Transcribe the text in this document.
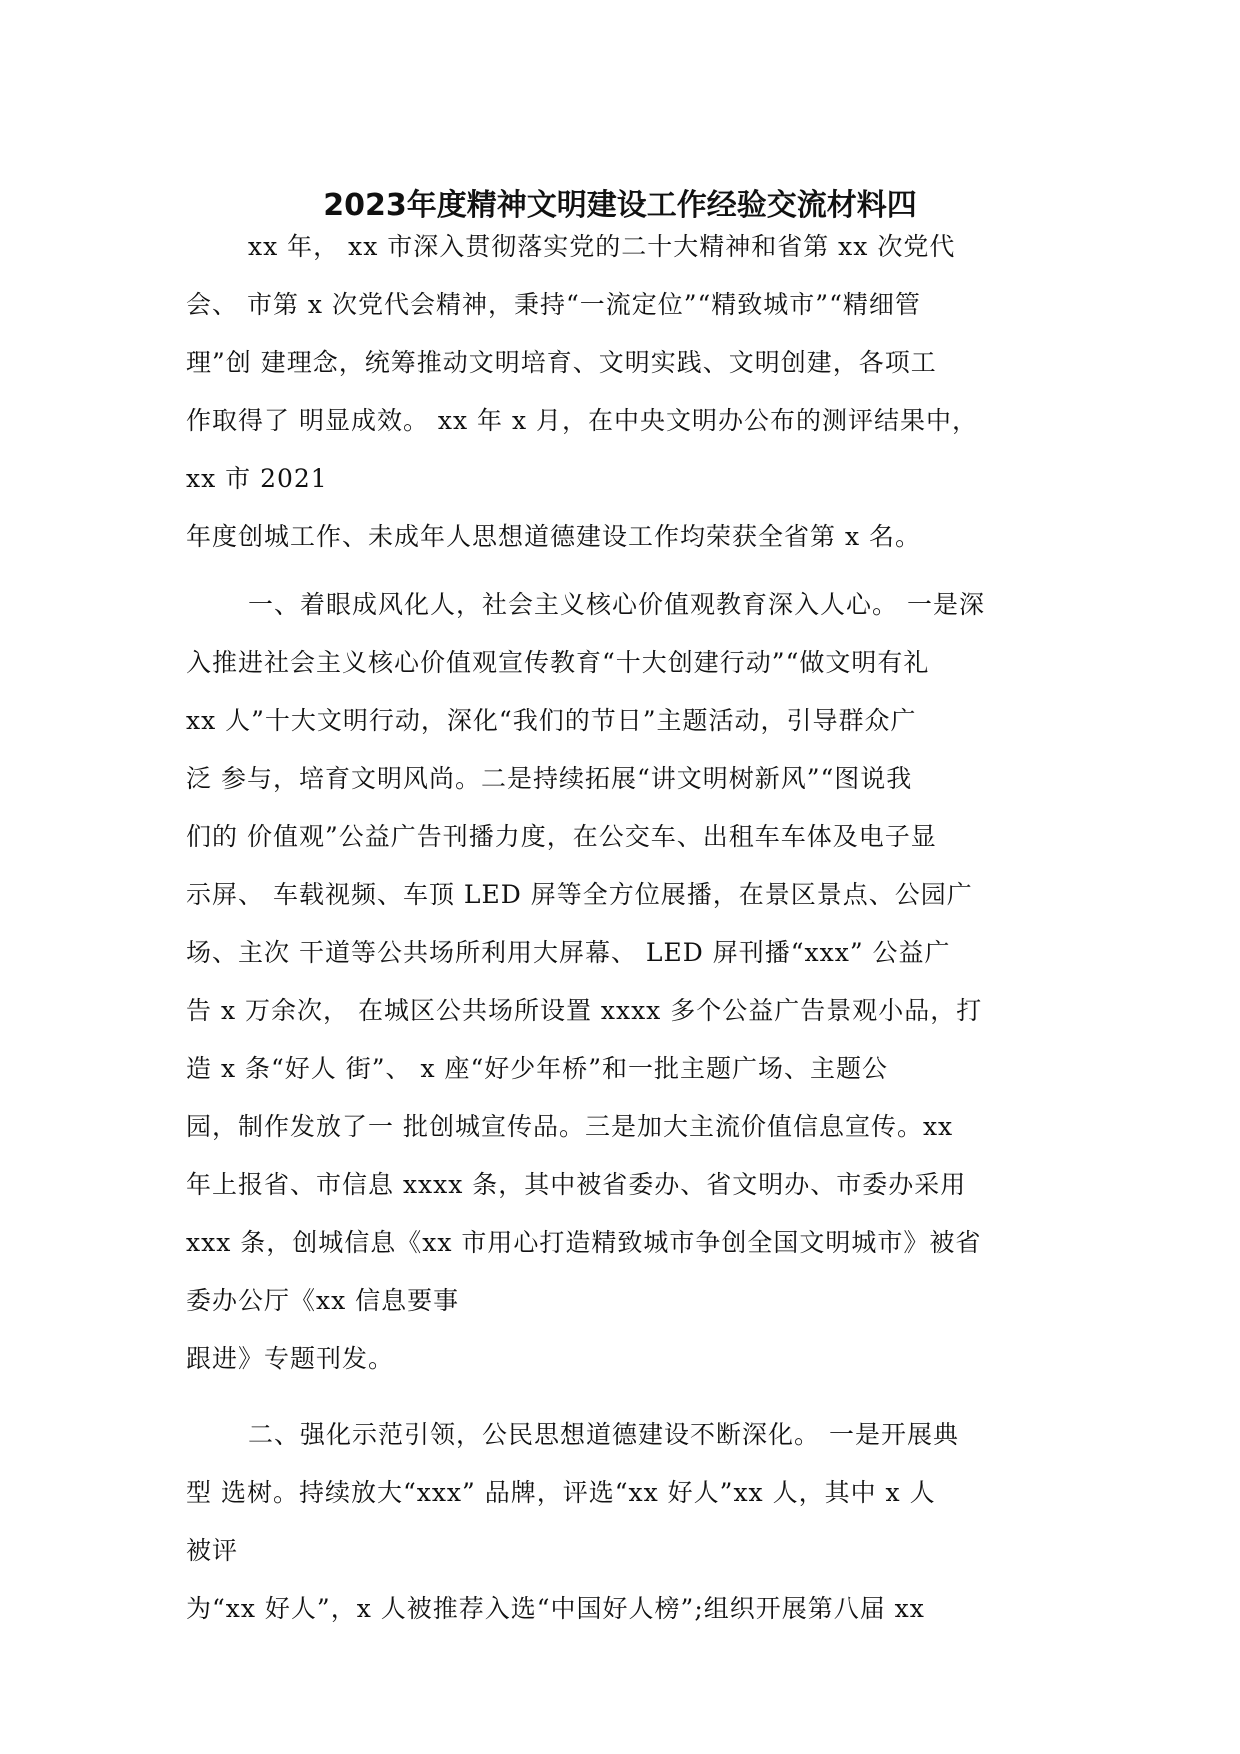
2023年度精神文明建设工作经验交流材料四
xx 年， xx 市深入贯彻落实党的二十大精神和省第 xx 次党代
会、 市第 x 次党代会精神，秉持“一流定位”“精致城市”“精细管
理”创 建理念，统筹推动文明培育、文明实践、文明创建，各项工
作取得了 明显成效。 xx 年 x 月，在中央文明办公布的测评结果中，
xx 市 2021
年度创城工作、未成年人思想道德建设工作均荣获全省第 x 名。
一、着眼成风化人，社会主义核心价值观教育深入人心。 一是深
入推进社会主义核心价值观宣传教育“十大创建行动”“做文明有礼
xx 人”十大文明行动，深化“我们的节日”主题活动，引导群众广
泛 参与，培育文明风尚。二是持续拓展“讲文明树新风”“图说我
们的 价值观”公益广告刊播力度，在公交车、出租车车体及电子显
示屏、 车载视频、车顶 LED 屏等全方位展播，在景区景点、公园广
场、主次 干道等公共场所利用大屏幕、 LED 屏刊播“xxx” 公益广
告 x 万余次， 在城区公共场所设置 xxxx 多个公益广告景观小品，打
造 x 条“好人 街”、 x 座“好少年桥”和一批主题广场、主题公
园，制作发放了一 批创城宣传品。三是加大主流价值信息宣传。xx
年上报省、市信息 xxxx 条，其中被省委办、省文明办、市委办采用
xxx 条，创城信息《xx 市用心打造精致城市争创全国文明城市》被省
委办公厅《xx 信息要事
跟进》专题刊发。
二、强化示范引领，公民思想道德建设不断深化。 一是开展典
型 选树。持续放大“xxx” 品牌，评选“xx 好人”xx 人，其中 x 人
被评
为“xx 好人”，x 人被推荐入选“中国好人榜”;组织开展第八届 xx
